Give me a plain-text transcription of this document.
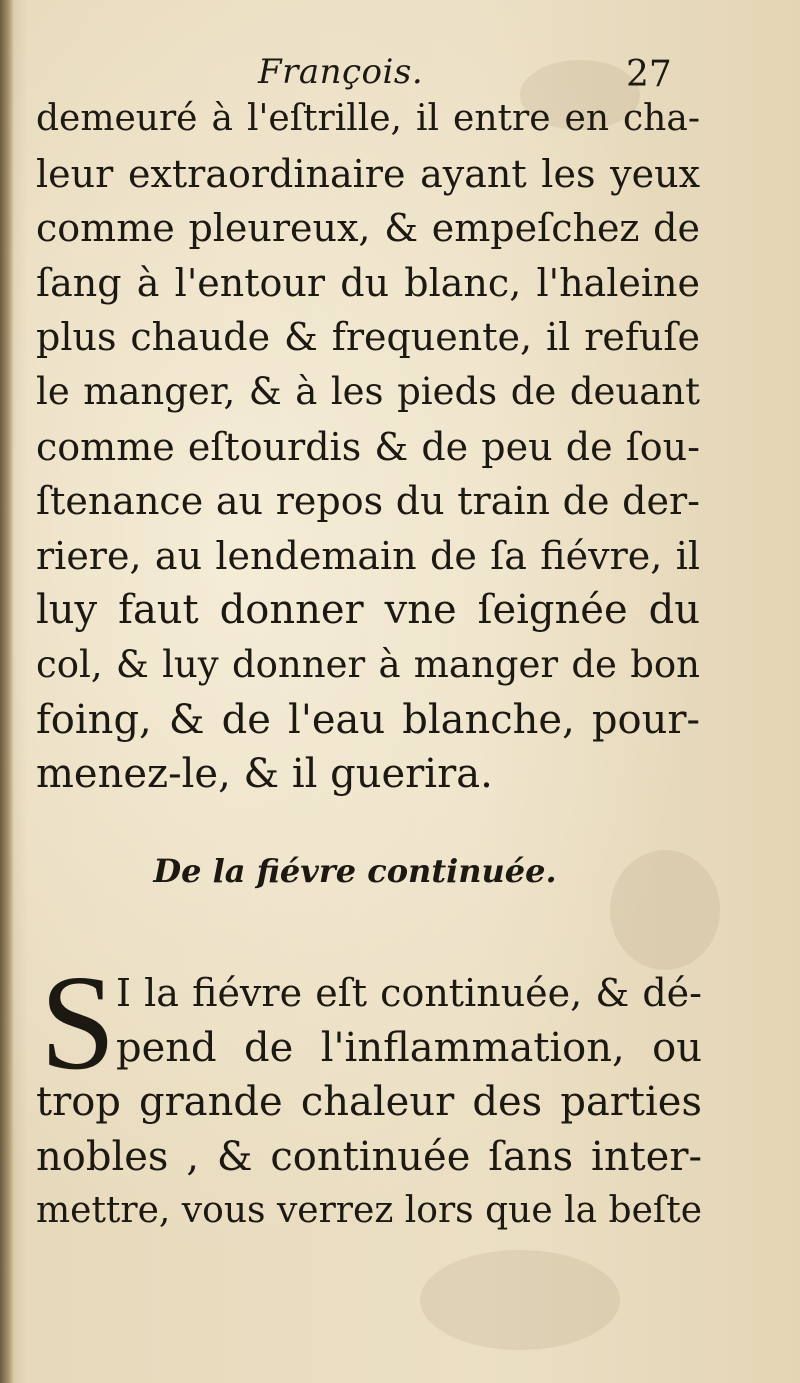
François.	27
demeuré à l'eſtrille, il entre en cha-
leur extraordinaire ayant les yeux
comme pleureux, & empeſchez de
ſang à l'entour du blanc, l'haleine
plus chaude & frequente, il refuſe
le manger, & à les pieds de deuant
comme eſtourdis & de peu de ſou-
ſtenance au repos du train de der-
riere, au lendemain de ſa fiévre, il
luy faut donner vne ſeignée du
col, & luy donner à manger de bon
foing, & de l'eau blanche, pour-
menez-le, & il guerira.
De la fiévre continuée.
S I la fiévre eſt continuée, & dé-
pend de l'inflammation, ou
trop grande chaleur des parties
nobles , & continuée ſans inter-
mettre, vous verrez lors que la beſte
